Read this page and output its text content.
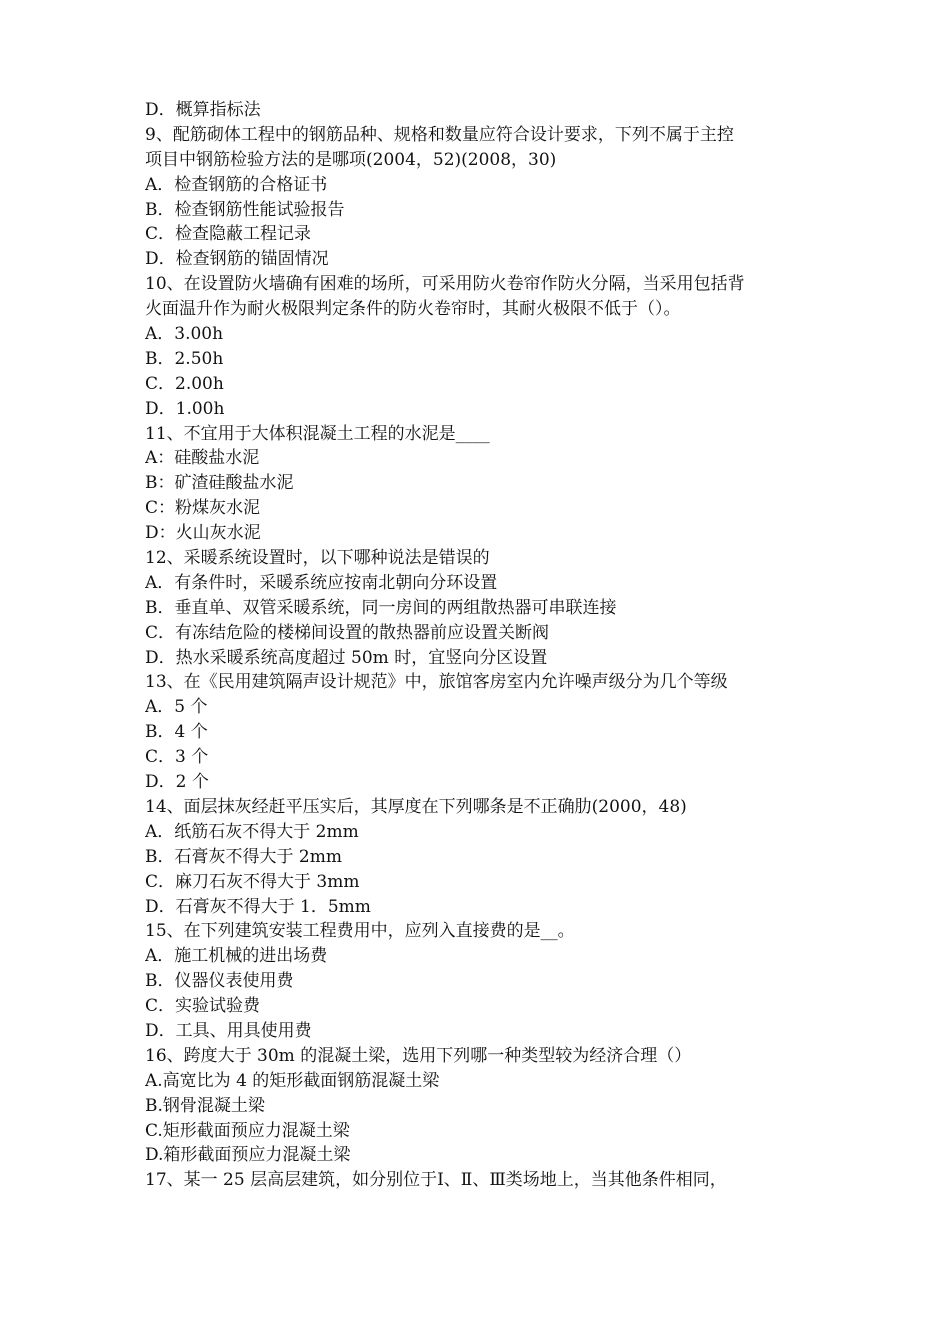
D．概算指标法
9、配筋砌体工程中的钢筋品种、规格和数量应符合设计要求，下列不属于主控
项目中钢筋检验方法的是哪项(2004，52)(2008，30)
A．检查钢筋的合格证书
B．检查钢筋性能试验报告
C．检查隐蔽工程记录
D．检查钢筋的锚固情况
10、在设置防火墙确有困难的场所，可采用防火卷帘作防火分隔，当采用包括背
火面温升作为耐火极限判定条件的防火卷帘时，其耐火极限不低于（）。
A．3.00h
B．2.50h
C．2.00h
D．1.00h
11、不宜用于大体积混凝土工程的水泥是____
A：硅酸盐水泥
B：矿渣硅酸盐水泥
C：粉煤灰水泥
D：火山灰水泥
12、采暖系统设置时，以下哪种说法是错误的
A．有条件时，采暖系统应按南北朝向分环设置
B．垂直单、双管采暖系统，同一房间的两组散热器可串联连接
C．有冻结危险的楼梯间设置的散热器前应设置关断阀
D．热水采暖系统高度超过 50m 时，宜竖向分区设置
13、在《民用建筑隔声设计规范》中，旅馆客房室内允许噪声级分为几个等级
A．5 个
B．4 个
C．3 个
D．2 个
14、面层抹灰经赶平压实后，其厚度在下列哪条是不正确肋(2000，48)
A．纸筋石灰不得大于 2mm
B．石膏灰不得大于 2mm
C．麻刀石灰不得大于 3mm
D．石膏灰不得大于 1．5mm
15、在下列建筑安装工程费用中，应列入直接费的是__。
A．施工机械的进出场费
B．仪器仪表使用费
C．实验试验费
D．工具、用具使用费
16、跨度大于 30m 的混凝土梁，选用下列哪一种类型较为经济合理（）
A.高宽比为 4 的矩形截面钢筋混凝土梁
B.钢骨混凝土梁
C.矩形截面预应力混凝土梁
D.箱形截面预应力混凝土梁
17、某一 25 层高层建筑，如分别位于Ⅰ、Ⅱ、Ⅲ类场地上，当其他条件相同，
